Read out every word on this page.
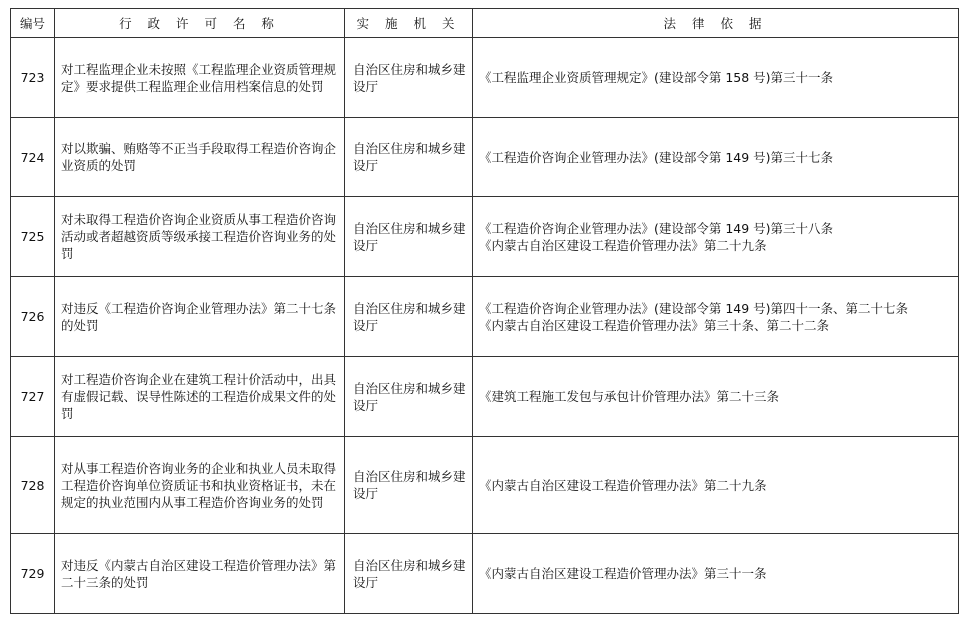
编号	行 政 许 可 名 称	实 施 机 关	法 律 依 据
723	对工程监理企业未按照《工程监理企业资质管理规定》要求提供工程监理企业信用档案信息的处罚	自治区住房和城乡建设厅	《工程监理企业资质管理规定》(建设部令第 158 号)第三十一条

724	对以欺骗、贿赂等不正当手段取得工程造价咨询企业资质的处罚	自治区住房和城乡建设厅	《工程造价咨询企业管理办法》(建设部令第 149 号)第三十七条

725	对未取得工程造价咨询企业资质从事工程造价咨询活动或者超越资质等级承接工程造价咨询业务的处罚	自治区住房和城乡建设厅	《工程造价咨询企业管理办法》(建设部令第 149 号)第三十八条
《内蒙古自治区建设工程造价管理办法》第二十九条

726	对违反《工程造价咨询企业管理办法》第二十七条的处罚	自治区住房和城乡建设厅	《工程造价咨询企业管理办法》(建设部令第 149 号)第四十一条、第二十七条
《内蒙古自治区建设工程造价管理办法》第三十条、第二十二条

727	对工程造价咨询企业在建筑工程计价活动中，出具有虚假记载、误导性陈述的工程造价成果文件的处罚	自治区住房和城乡建设厅	《建筑工程施工发包与承包计价管理办法》第二十三条

728	对从事工程造价咨询业务的企业和执业人员未取得工程造价咨询单位资质证书和执业资格证书，未在规定的执业范围内从事工程造价咨询业务的处罚	自治区住房和城乡建设厅	《内蒙古自治区建设工程造价管理办法》第二十九条

729	对违反《内蒙古自治区建设工程造价管理办法》第二十三条的处罚	自治区住房和城乡建设厅	《内蒙古自治区建设工程造价管理办法》第三十一条
